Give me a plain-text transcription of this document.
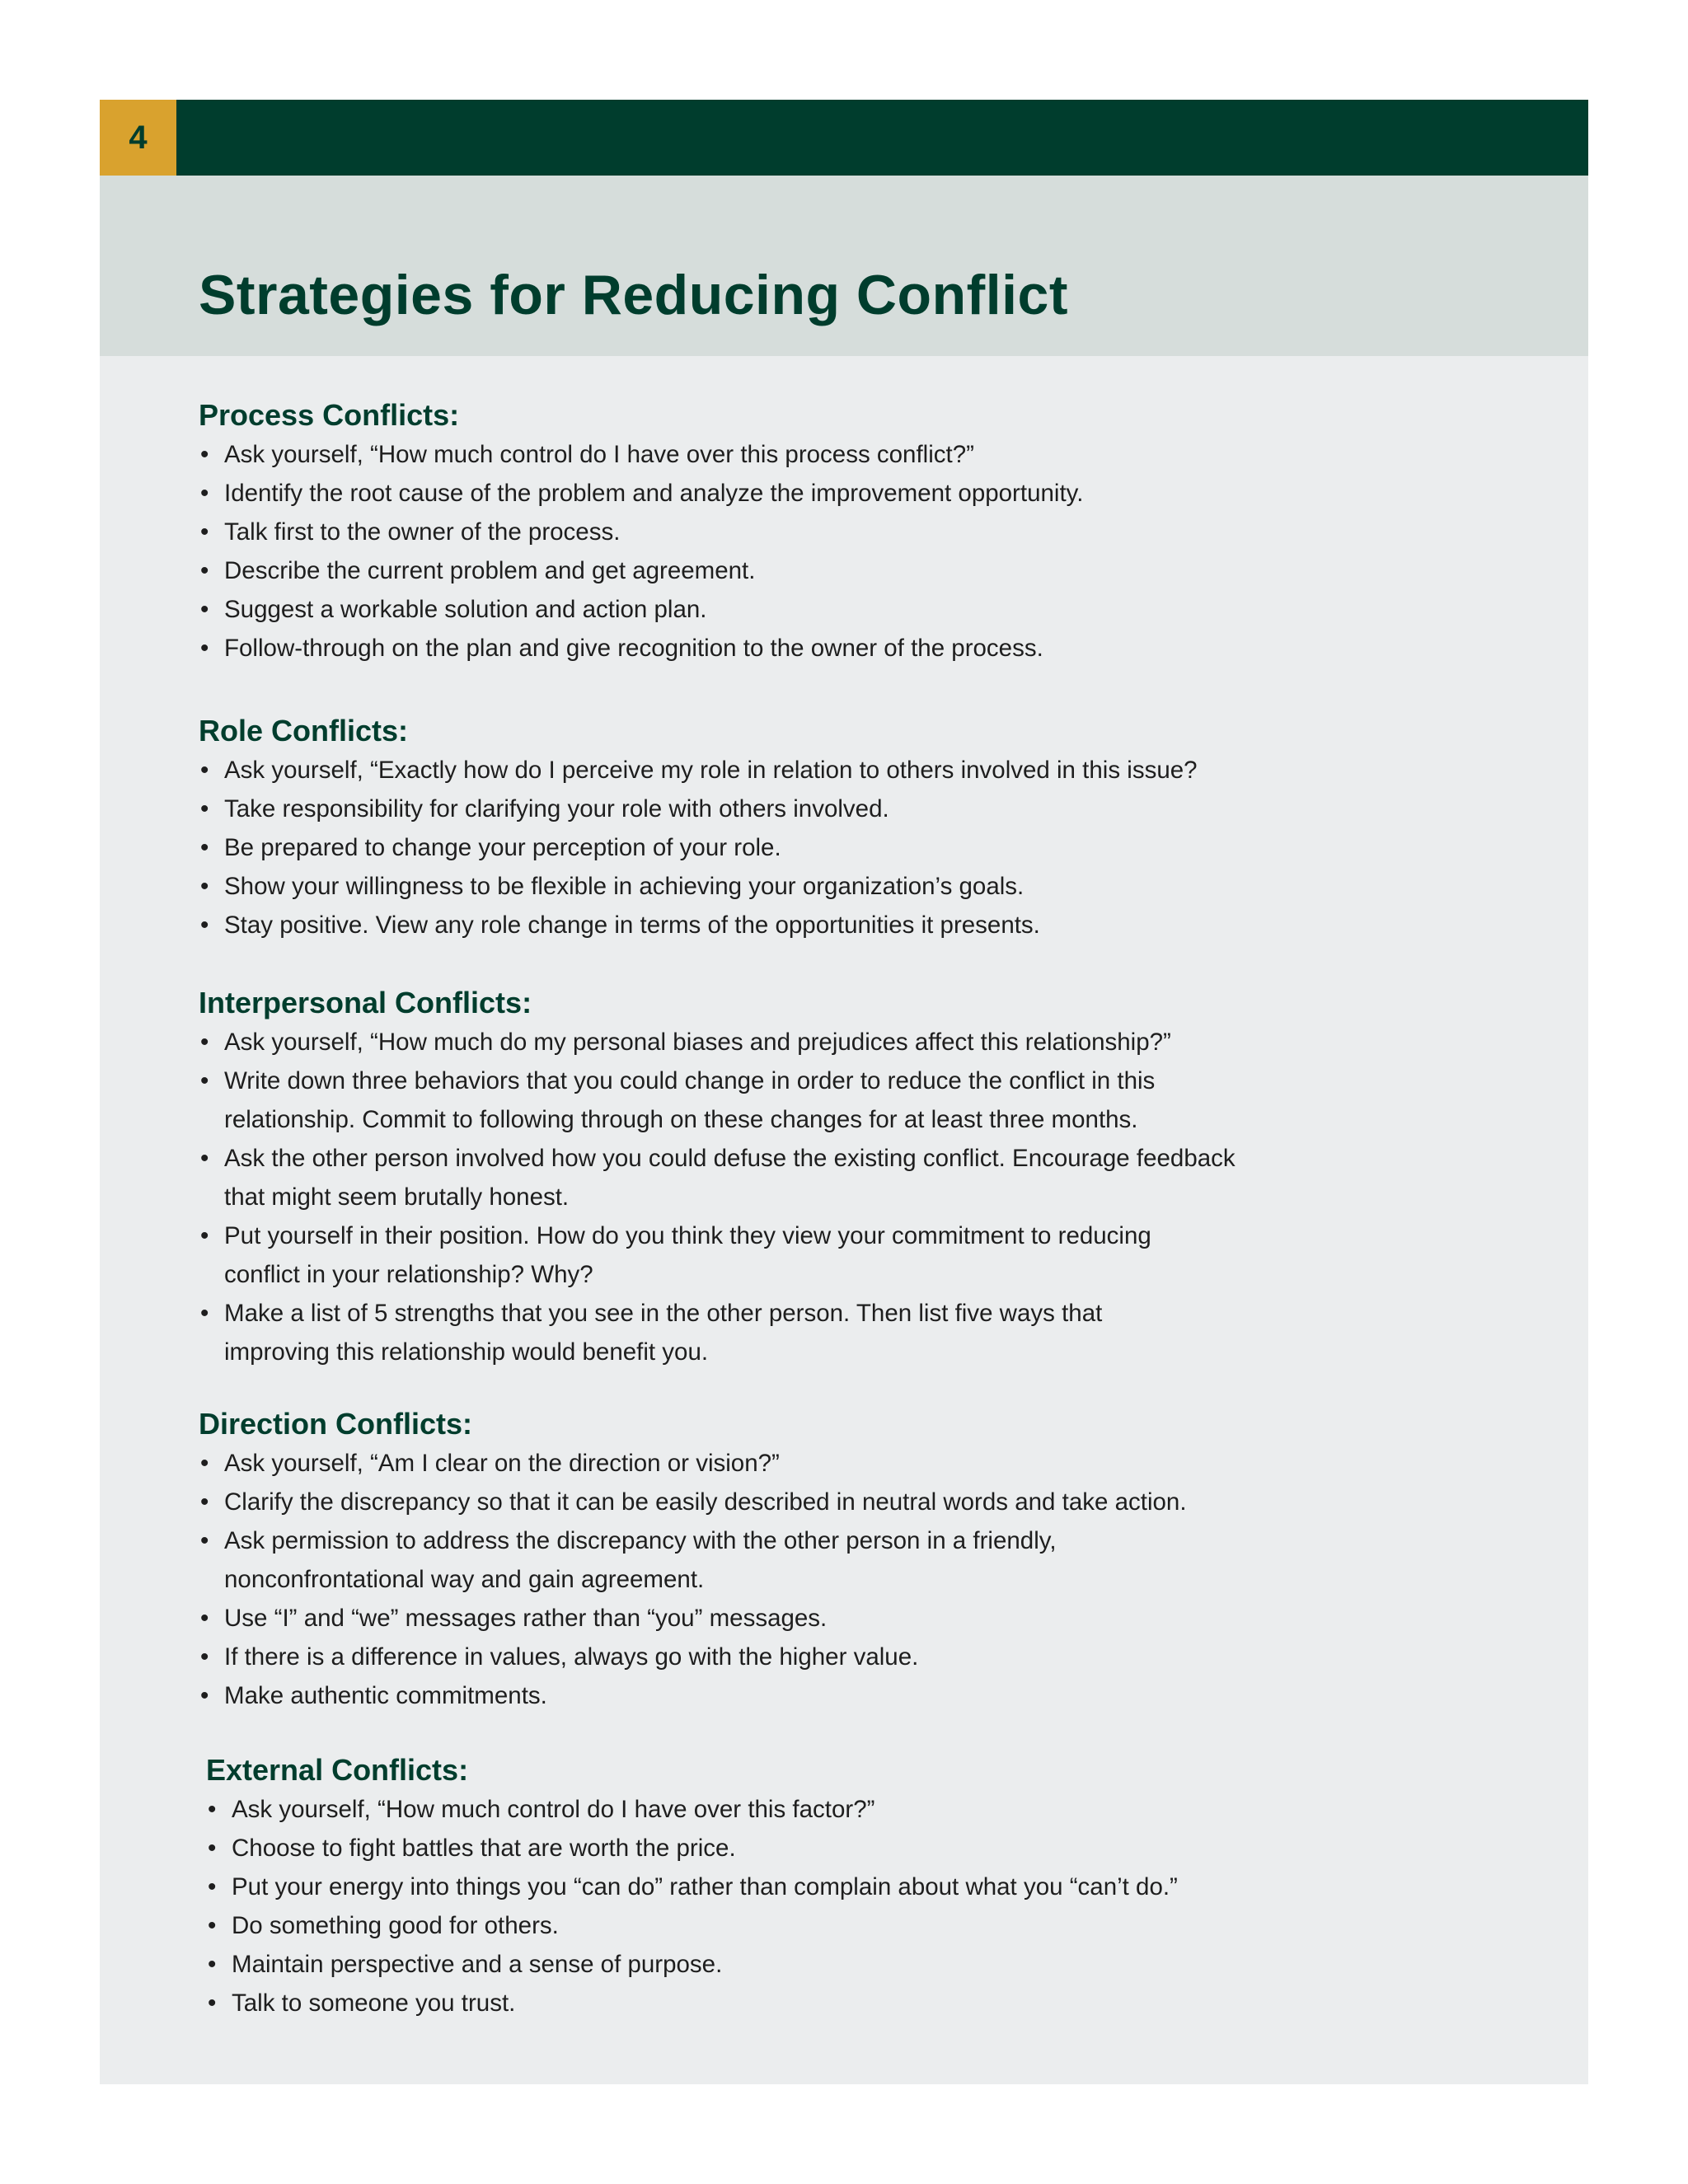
4
Strategies for Reducing Conflict
Process Conflicts:
• Ask yourself, “How much control do I have over this process conflict?”
• Identify the root cause of the problem and analyze the improvement opportunity.
• Talk first to the owner of the process.
• Describe the current problem and get agreement.
• Suggest a workable solution and action plan.
• Follow-through on the plan and give recognition to the owner of the process.
Role Conflicts:
• Ask yourself, “Exactly how do I perceive my role in relation to others involved in this issue?
• Take responsibility for clarifying your role with others involved.
• Be prepared to change your perception of your role.
• Show your willingness to be flexible in achieving your organization’s goals.
• Stay positive. View any role change in terms of the opportunities it presents.
Interpersonal Conflicts:
• Ask yourself, “How much do my personal biases and prejudices affect this relationship?”
• Write down three behaviors that you could change in order to reduce the conflict in this
relationship. Commit to following through on these changes for at least three months.
• Ask the other person involved how you could defuse the existing conflict. Encourage feedback
that might seem brutally honest.
• Put yourself in their position. How do you think they view your commitment to reducing
conflict in your relationship? Why?
• Make a list of 5 strengths that you see in the other person. Then list five ways that
improving this relationship would benefit you.
Direction Conflicts:
• Ask yourself, “Am I clear on the direction or vision?”
• Clarify the discrepancy so that it can be easily described in neutral words and take action.
• Ask permission to address the discrepancy with the other person in a friendly,
nonconfrontational way and gain agreement.
• Use “I” and “we” messages rather than “you” messages.
• If there is a difference in values, always go with the higher value.
• Make authentic commitments.
External Conflicts:
• Ask yourself, “How much control do I have over this factor?”
• Choose to fight battles that are worth the price.
• Put your energy into things you “can do” rather than complain about what you “can’t do.”
• Do something good for others.
• Maintain perspective and a sense of purpose.
• Talk to someone you trust.
